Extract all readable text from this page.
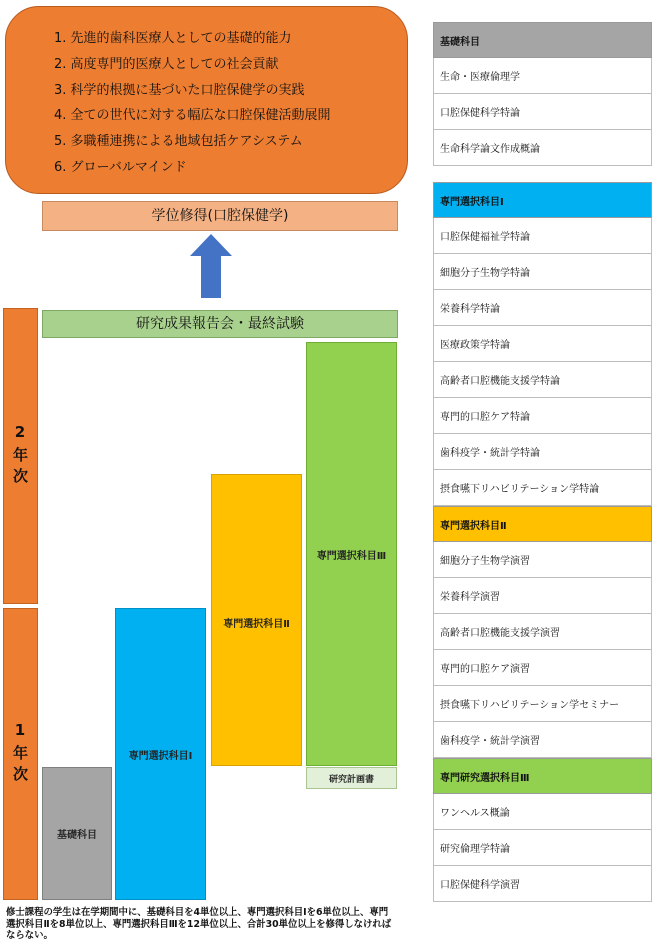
1. 先進的歯科医療人としての基礎的能力
2. 高度専門的医療人としての社会貢献
3. 科学的根拠に基づいた口腔保健学の実践
4. 全ての世代に対する幅広な口腔保健活動展開
5. 多職種連携による地域包括ケアシステム
6. グローバルマインド
学位修得(口腔保健学)
研究成果報告会・最終試験
2年次
1年次
基礎科目
専門選択科目Ⅰ
専門選択科目Ⅱ
専門選択科目Ⅲ
研究計画書
修士課程の学生は在学期間中に、基礎科目を4単位以上、専門選択科目Ⅰを6単位以上、専門選択科目Ⅱを8単位以上、専門選択科目Ⅲを12単位以上、合計30単位以上を修得しなければならない。
基礎科目
生命・医療倫理学
口腔保健科学特論
生命科学論文作成概論
専門選択科目Ⅰ
口腔保健福祉学特論
細胞分子生物学特論
栄養科学特論
医療政策学特論
高齢者口腔機能支援学特論
専門的口腔ケア特論
歯科疫学・統計学特論
摂食嚥下リハビリテーション学特論
専門選択科目Ⅱ
細胞分子生物学演習
栄養科学演習
高齢者口腔機能支援学演習
専門的口腔ケア演習
摂食嚥下リハビリテーション学セミナー
歯科疫学・統計学演習
専門研究選択科目Ⅲ
ワンヘルス概論
研究倫理学特論
口腔保健科学演習
